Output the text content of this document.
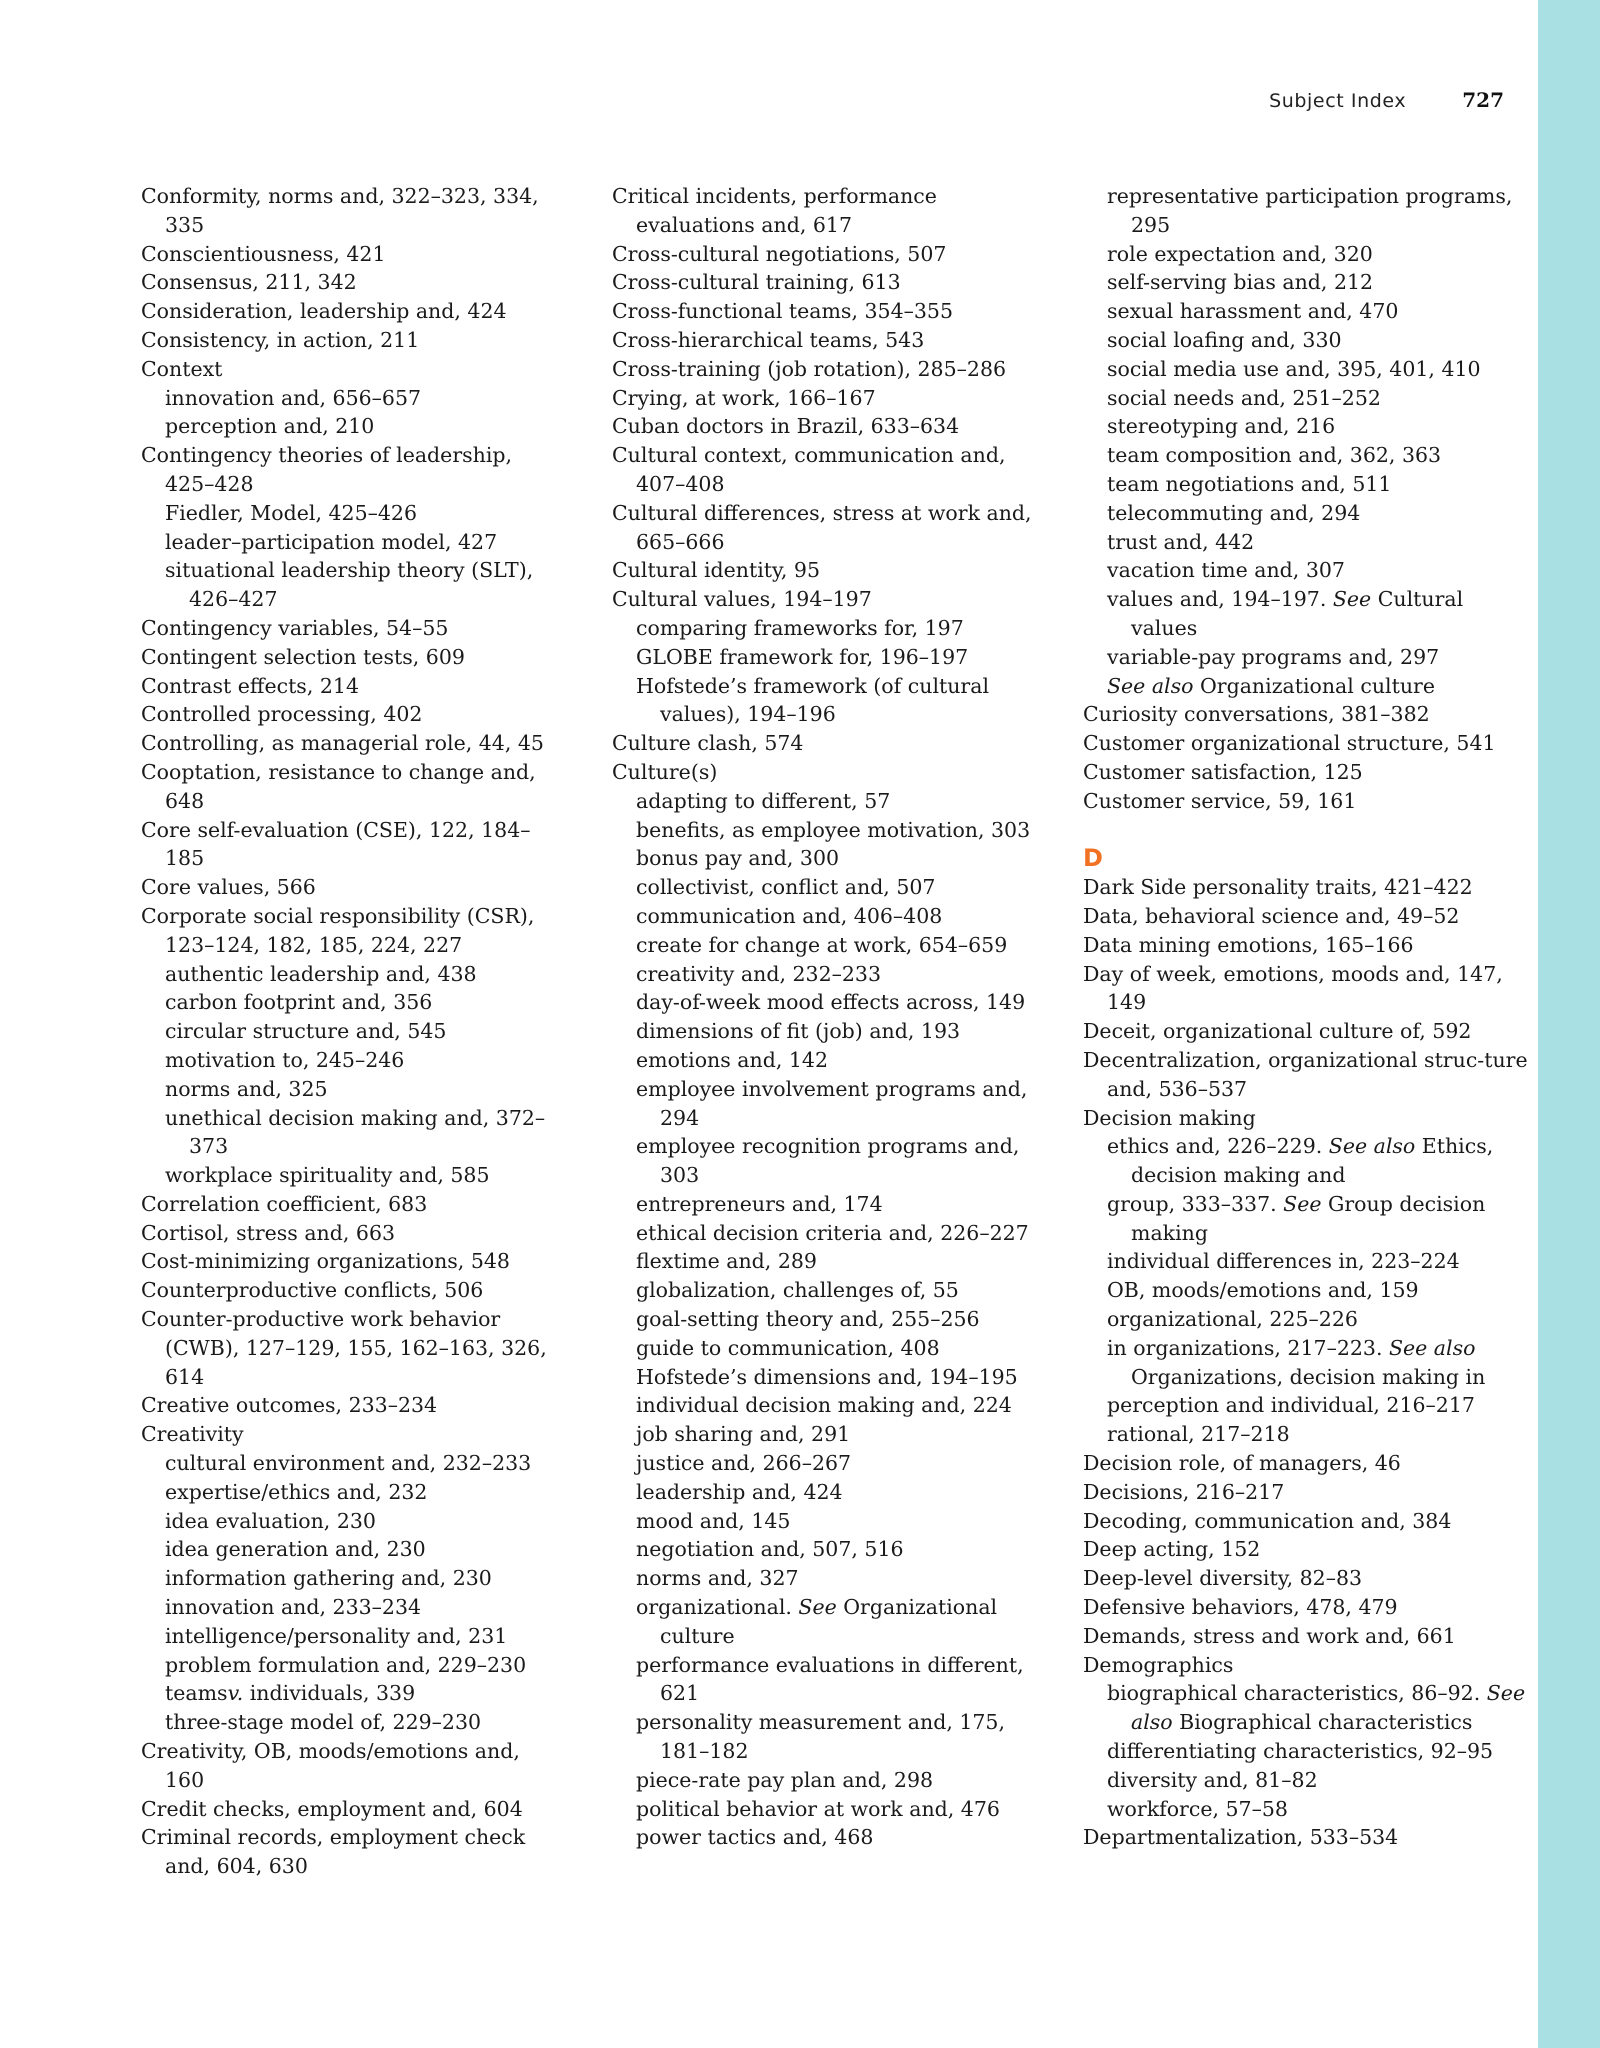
Subject Index	727
Conformity, norms and, 322–323, 334, 335
Conscientiousness, 421
Consensus, 211, 342
Consideration, leadership and, 424
Consistency, in action, 211
Context
innovation and, 656–657
perception and, 210
Contingency theories of leadership, 425–428
Fiedler, Model, 425–426
leader–participation model, 427
situational leadership theory (SLT), 426–427
Contingency variables, 54–55
Contingent selection tests, 609
Contrast effects, 214
Controlled processing, 402
Controlling, as managerial role, 44, 45
Cooptation, resistance to change and, 648
Core self-evaluation (CSE), 122, 184–185
Core values, 566
Corporate social responsibility (CSR), 123–124, 182, 185, 224, 227
authentic leadership and, 438
carbon footprint and, 356
circular structure and, 545
motivation to, 245–246
norms and, 325
unethical decision making and, 372–373
workplace spirituality and, 585
Correlation coefficient, 683
Cortisol, stress and, 663
Cost-minimizing organizations, 548
Counterproductive conflicts, 506
Counter-productive work behavior (CWB), 127–129, 155, 162–163, 326, 614
Creative outcomes, 233–234
Creativity
cultural environment and, 232–233
expertise/ethics and, 232
idea evaluation, 230
idea generation and, 230
information gathering and, 230
innovation and, 233–234
intelligence/personality and, 231
problem formulation and, 229–230
teamsv. individuals, 339
three-stage model of, 229–230
Creativity, OB, moods/emotions and, 160
Credit checks, employment and, 604
Criminal records, employment check and, 604, 630
Critical incidents, performance evaluations and, 617
Cross-cultural negotiations, 507
Cross-cultural training, 613
Cross-functional teams, 354–355
Cross-hierarchical teams, 543
Cross-training (job rotation), 285–286
Crying, at work, 166–167
Cuban doctors in Brazil, 633–634
Cultural context, communication and, 407–408
Cultural differences, stress at work and, 665–666
Cultural identity, 95
Cultural values, 194–197
comparing frameworks for, 197
GLOBE framework for, 196–197
Hofstede’s framework (of cultural values), 194–196
Culture clash, 574
Culture(s)
adapting to different, 57
benefits, as employee motivation, 303
bonus pay and, 300
collectivist, conflict and, 507
communication and, 406–408
create for change at work, 654–659
creativity and, 232–233
day-of-week mood effects across, 149
dimensions of fit (job) and, 193
emotions and, 142
employee involvement programs and, 294
employee recognition programs and, 303
entrepreneurs and, 174
ethical decision criteria and, 226–227
flextime and, 289
globalization, challenges of, 55
goal-setting theory and, 255–256
guide to communication, 408
Hofstede’s dimensions and, 194–195
individual decision making and, 224
job sharing and, 291
justice and, 266–267
leadership and, 424
mood and, 145
negotiation and, 507, 516
norms and, 327
organizational. See Organizational culture
performance evaluations in different, 621
personality measurement and, 175, 181–182
piece-rate pay plan and, 298
political behavior at work and, 476
power tactics and, 468
representative participation programs, 295
role expectation and, 320
self-serving bias and, 212
sexual harassment and, 470
social loafing and, 330
social media use and, 395, 401, 410
social needs and, 251–252
stereotyping and, 216
team composition and, 362, 363
team negotiations and, 511
telecommuting and, 294
trust and, 442
vacation time and, 307
values and, 194–197. See Cultural values
variable-pay programs and, 297
See also Organizational culture
Curiosity conversations, 381–382
Customer organizational structure, 541
Customer satisfaction, 125
Customer service, 59, 161
D
Dark Side personality traits, 421–422
Data, behavioral science and, 49–52
Data mining emotions, 165–166
Day of week, emotions, moods and, 147, 149
Deceit, organizational culture of, 592
Decentralization, organizational struc-ture and, 536–537
Decision making
ethics and, 226–229. See also Ethics, decision making and
group, 333–337. See Group decision making
individual differences in, 223–224
OB, moods/emotions and, 159
organizational, 225–226
in organizations, 217–223. See also Organizations, decision making in
perception and individual, 216–217
rational, 217–218
Decision role, of managers, 46
Decisions, 216–217
Decoding, communication and, 384
Deep acting, 152
Deep-level diversity, 82–83
Defensive behaviors, 478, 479
Demands, stress and work and, 661
Demographics
biographical characteristics, 86–92. See also Biographical characteristics
differentiating characteristics, 92–95
diversity and, 81–82
workforce, 57–58
Departmentalization, 533–534
